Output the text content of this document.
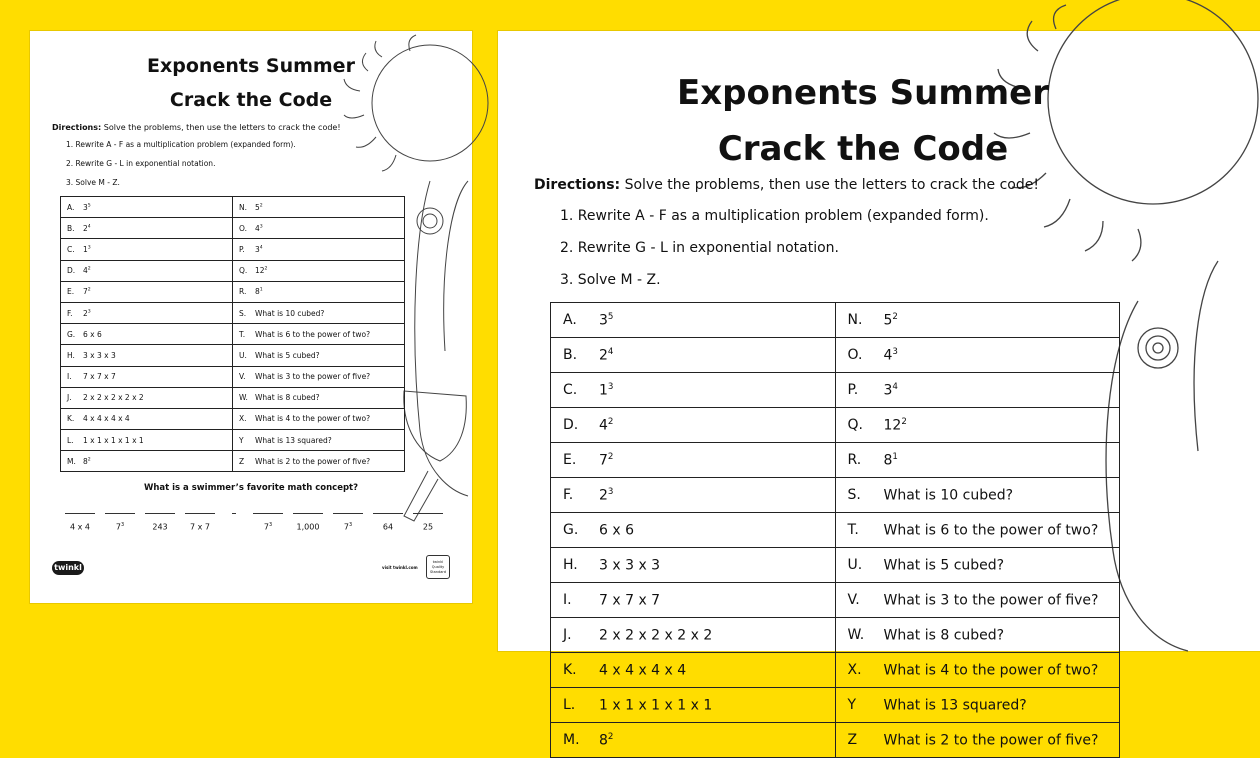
Exponents Summer
Crack the Code
Directions: Solve the problems, then use the letters to crack the code!
1. Rewrite A - F as a multiplication problem (expanded form).
2. Rewrite G - L in exponential notation.
3. Solve M - Z.
A. $3^5$	N. $5^2$
B. $2^4$	O. $4^3$
C. $1^3$	P. $3^4$
D. $4^2$	Q. $12^2$
E. $7^2$	R. $8^1$
F. $2^3$	S. What is 10 cubed?
G. 6 x 6	T. What is 6 to the power of two?
H. 3 x 3 x 3	U. What is 5 cubed?
I. 7 x 7 x 7	V. What is 3 to the power of five?
J. 2 x 2 x 2 x 2 x 2	W. What is 8 cubed?
K. 4 x 4 x 4 x 4	X. What is 4 to the power of two?
L. 1 x 1 x 1 x 1 x 1	Y What is 13 squared?
M. $8^2$	Z What is 2 to the power of five?
What is a swimmer’s favorite math concept?
4 x 4	$7^3$	243	7 x 7	$7^3$	1,000	$7^3$	64	25
twinkl	visit twinkl.com
twinkl Quality Standard
Exponents Summer
Crack the Code
Directions: Solve the problems, then use the letters to crack the code!
1. Rewrite A - F as a multiplication problem (expanded form).
2. Rewrite G - L in exponential notation.
3. Solve M - Z.
A. $3^5$	N. $5^2$
B. $2^4$	O. $4^3$
C. $1^3$	P. $3^4$
D. $4^2$	Q. $12^2$
E. $7^2$	R. $8^1$
F. $2^3$	S. What is 10 cubed?
G. 6 x 6	T. What is 6 to the power of two?
H. 3 x 3 x 3	U. What is 5 cubed?
I. 7 x 7 x 7	V. What is 3 to the power of five?
J. 2 x 2 x 2 x 2 x 2	W. What is 8 cubed?
K. 4 x 4 x 4 x 4	X. What is 4 to the power of two?
L. 1 x 1 x 1 x 1 x 1	Y What is 13 squared?
M. $8^2$	Z What is 2 to the power of five?
